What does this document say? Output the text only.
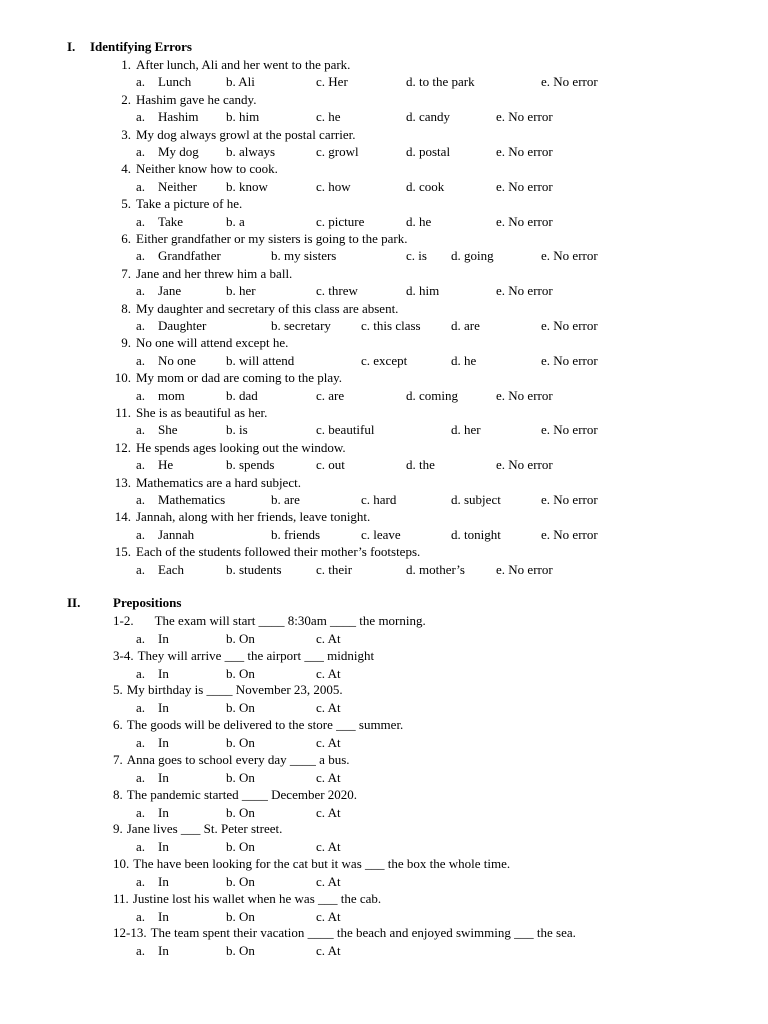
I. Identifying Errors
1. After lunch, Ali and her went to the park.
a. Lunch	b. Ali	c. Her	d. to the park	e. No error
2. Hashim gave he candy.
a. Hashim b. him	c. he	d. candy	e. No error
3. My dog always growl at the postal carrier.
a. My dog b. always	c. growl	d. postal	e. No error
4. Neither know how to cook.
a. Neither b. know	c. how	d. cook	e. No error
5. Take a picture of he.
a. Take	b. a	c. picture	d. he	e. No error
6. Either grandfather or my sisters is going to the park.
a. Grandfather	b. my sisters	c. is d. going	e. No error
7. Jane and her threw him a ball.
a. Jane	b. her	c. threw	d. him	e. No error
8. My daughter and secretary of this class are absent.
a. Daughter	b. secretary c. this class d. are	e. No error
9. No one will attend except he.
a. No one b. will attend	c. except	d. he	e. No error
10. My mom or dad are coming to the play.
a. mom	b. dad	c. are	d. coming	e. No error
11. She is as beautiful as her.
a. She	b. is	c. beautiful	d. her	e. No error
12. He spends ages looking out the window.
a. He	b. spends	c. out	d. the	e. No error
13. Mathematics are a hard subject.
a. Mathematics	b. are	c. hard	d. subject	e. No error
14. Jannah, along with her friends, leave tonight.
a. Jannah	b. friends	c. leave	d. tonight	e. No error
15. Each of the students followed their mother’s footsteps.
a. Each	b. students	c. their	d. mother’s e. No error
II.	Prepositions
1-2. The exam will start ____ 8:30am ____ the morning.
a. In	b. On	c. At
3-4. They will arrive ___ the airport ___ midnight
a. In	b. On	c. At
5. My birthday is ____ November 23, 2005.
a. In	b. On	c. At
6. The goods will be delivered to the store ___ summer.
a. In	b. On	c. At
7. Anna goes to school every day ____ a bus.
a. In	b. On	c. At
8. The pandemic started ____ December 2020.
a. In	b. On	c. At
9. Jane lives ___ St. Peter street.
a. In	b. On	c. At
10. The have been looking for the cat but it was ___ the box the whole time.
a. In	b. On	c. At
11. Justine lost his wallet when he was ___ the cab.
a. In	b. On	c. At
12-13. The team spent their vacation ____ the beach and enjoyed swimming ___ the sea.
a. In	b. On	c. At
